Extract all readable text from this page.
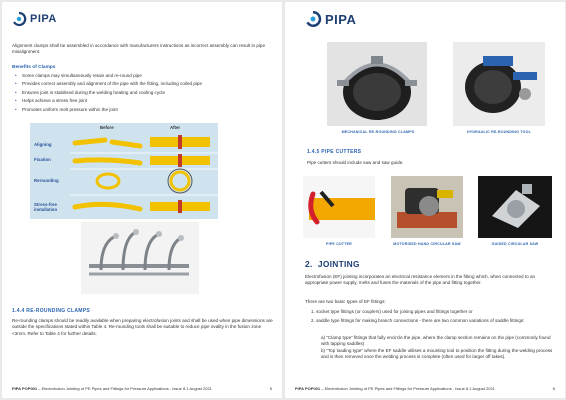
PIPA
Alignment clamps shall be assembled in accordance with manufacturers instructions as incorrect assembly can result in pipe misalignment.
Benefits of Clamps
• Some clamps may simultaneously retain and re-round pipe
• Provides correct assembly and alignment of the pipe with the fitting, including coiled pipe
• Ensures joint is stabilised during the welding heating and cooling cycle
• Helps achieve a stress free joint
• Promotes uniform melt pressure within the joint
Before	After
Aligning
Fixation
Rerounding
Stress-free installation
1.4.4 RE-ROUNDING CLAMPS
Re-rounding clamps should be readily available when preparing electrofusion joints and shall be used when pipe dimensions are outside the specifications stated within Table 4. Re-rounding tools shall be suitable to reduce pipe ovality in the fusion zone <3mm. Refer to Table 4 for further details.
PIPA POP001 – Electrofusion Jointing of PE Pipes and Fittings for Pressure Applications - Issue 8.1 August 2021	5
PIPA
MECHANICAL RE-ROUNDING CLAMPS	HYDRAULIC RE-ROUNDING TOOL
1.4.5 PIPE CUTTERS
Pipe cutters should include saw and saw guide.
PIPE CUTTER	MOTORISED HAND CIRCULAR SAW	GUIDED CIRCULAR SAW
2. JOINTING
Electrofusion (EF) jointing incorporates an electrical resistance element in the fitting which, when connected to an appropriate power supply, melts and fuses the materials of the pipe and fitting together.
There are two basic types of EF fittings:
1. socket type fittings (or couplers) used for joining pipes and fittings together or
2. saddle type fittings for making branch connections - there are two common variations of saddle fittings:
a) “Clamp type” fittings that fully encircle the pipe, where the clamp section remains on the pipe (commonly found with tapping saddles)
b) “Top loading type” where the EF saddle utilises a mounting tool to position the fitting during the welding process and is then removed once the welding process is complete (often used for larger off takes).
PIPA POP001 – Electrofusion Jointing of PE Pipes and Fittings for Pressure Applications - Issue 8.1 August 2021	6
